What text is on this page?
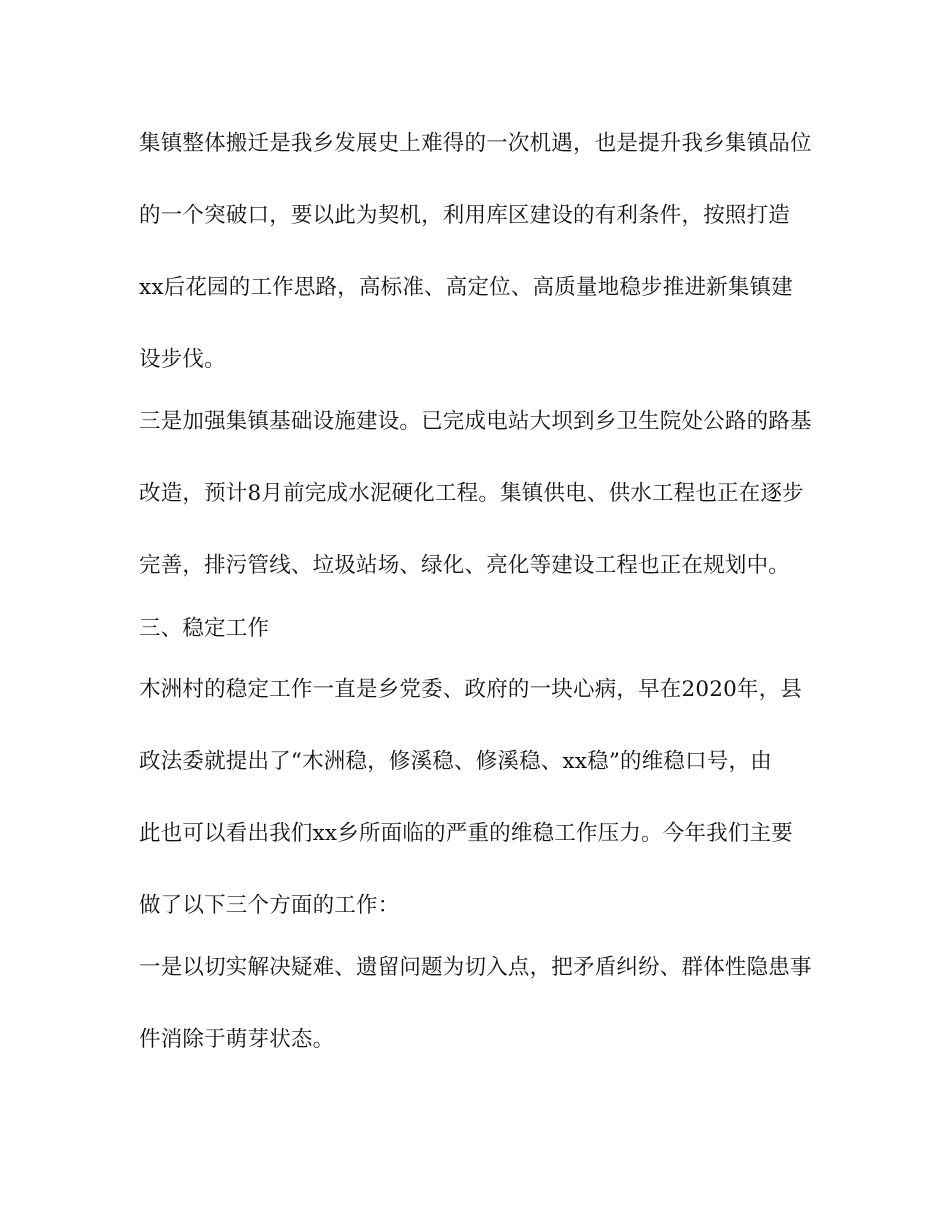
集镇整体搬迁是我乡发展史上难得的一次机遇，也是提升我乡集镇品位
的一个突破口，要以此为契机，利用库区建设的有利条件，按照打造
xx后花园的工作思路，高标准、高定位、高质量地稳步推进新集镇建
设步伐。
三是加强集镇基础设施建设。已完成电站大坝到乡卫生院处公路的路基
改造，预计8月前完成水泥硬化工程。集镇供电、供水工程也正在逐步
完善，排污管线、垃圾站场、绿化、亮化等建设工程也正在规划中。
三、稳定工作
木洲村的稳定工作一直是乡党委、政府的一块心病，早在2020年，县
政法委就提出了“木洲稳，修溪稳、修溪稳、xx稳”的维稳口号，由
此也可以看出我们xx乡所面临的严重的维稳工作压力。今年我们主要
做了以下三个方面的工作：
一是以切实解决疑难、遗留问题为切入点，把矛盾纠纷、群体性隐患事
件消除于萌芽状态。
